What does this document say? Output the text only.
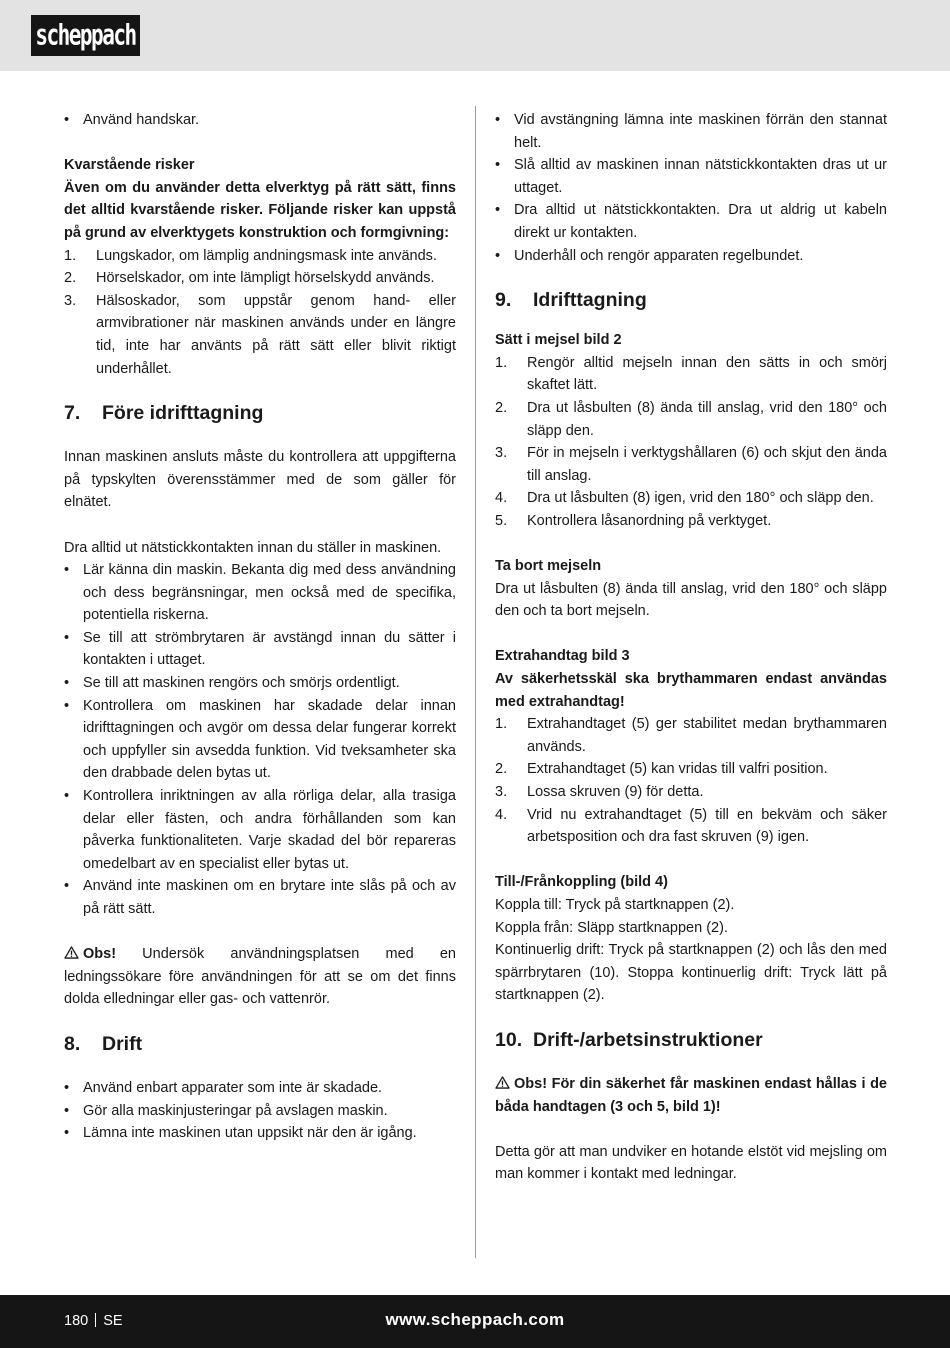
scheppach
• Använd handskar.

Kvarstående risker

Även om du använder detta elverktyg på rätt sätt, finns det alltid kvarstående risker. Följande risker kan uppstå på grund av elverktygets konstruktion och formgivning:

1. Lungskador, om lämplig andningsmask inte används.
2. Hörselskador, om inte lämpligt hörselskydd används.
3. Hälsoskador, som uppstår genom hand- eller armvibrationer när maskinen används under en längre tid, inte har använts på rätt sätt eller blivit riktigt underhållet.
7. Före idrifttagning

Innan maskinen ansluts måste du kontrollera att uppgifterna på typskylten överensstämmer med de som gäller för elnätet.

Dra alltid ut nätstickkontakten innan du ställer in maskinen.

• Lär känna din maskin. Bekanta dig med dess användning och dess begränsningar, men också med de specifika, potentiella riskerna.
• Se till att strömbrytaren är avstängd innan du sätter i kontakten i uttaget.
• Se till att maskinen rengörs och smörjs ordentligt.
• Kontrollera om maskinen har skadade delar innan idrifttagningen och avgör om dessa delar fungerar korrekt och uppfyller sin avsedda funktion. Vid tveksamheter ska den drabbade delen bytas ut.
• Kontrollera inriktningen av alla rörliga delar, alla trasiga delar eller fästen, och andra förhållanden som kan påverka funktionaliteten. Varje skadad del bör repareras omedelbart av en specialist eller bytas ut.
• Använd inte maskinen om en brytare inte slås på och av på rätt sätt.

Obs! Undersök användningsplatsen med en ledningssökare före användningen för att se om det finns dolda elledningar eller gas- och vattenrör.

8. Drift
• Använd enbart apparater som inte är skadade.
• Gör alla maskinjusteringar på avslagen maskin.
• Lämna inte maskinen utan uppsikt när den är igång.
• Vid avstängning lämna inte maskinen förrän den stannat helt.
• Slå alltid av maskinen innan nätstickkontakten dras ut ur uttaget.
• Dra alltid ut nätstickkontakten. Dra ut aldrig ut kabeln direkt ur kontakten.
• Underhåll och rengör apparaten regelbundet.
9. Idrifttagning

Sätt i mejsel bild 2

1. Rengör alltid mejseln innan den sätts in och smörj skaftet lätt.
2. Dra ut låsbulten (8) ända till anslag, vrid den 180° och släpp den.
3. För in mejseln i verktygshållaren (6) och skjut den ända till anslag.
4. Dra ut låsbulten (8) igen, vrid den 180° och släpp den.
5. Kontrollera låsanordning på verktyget.

Ta bort mejseln

Dra ut låsbulten (8) ända till anslag, vrid den 180° och släpp den och ta bort mejseln.

Extrahandtag bild 3

Av säkerhetsskäl ska brythammaren endast användas med extrahandtag!

1. Extrahandtaget (5) ger stabilitet medan brythammaren används.
2. Extrahandtaget (5) kan vridas till valfri position.
3. Lossa skruven (9) för detta.
4. Vrid nu extrahandtaget (5) till en bekväm och säker arbetsposition och dra fast skruven (9) igen.

Till-/Frånkoppling (bild 4)

Koppla till: Tryck på startknappen (2).

Koppla från: Släpp startknappen (2).

Kontinuerlig drift: Tryck på startknappen (2) och lås den med spärrbrytaren (10). Stoppa kontinuerlig drift: Tryck lätt på startknappen (2).

10. Drift-/arbetsinstruktioner

Obs! För din säkerhet får maskinen endast hållas i de båda handtagen (3 och 5, bild 1)!

Detta gör att man undviker en hotande elstöt vid mejsling om man kommer i kontakt med ledningar.

180 SE	www.scheppach.com
